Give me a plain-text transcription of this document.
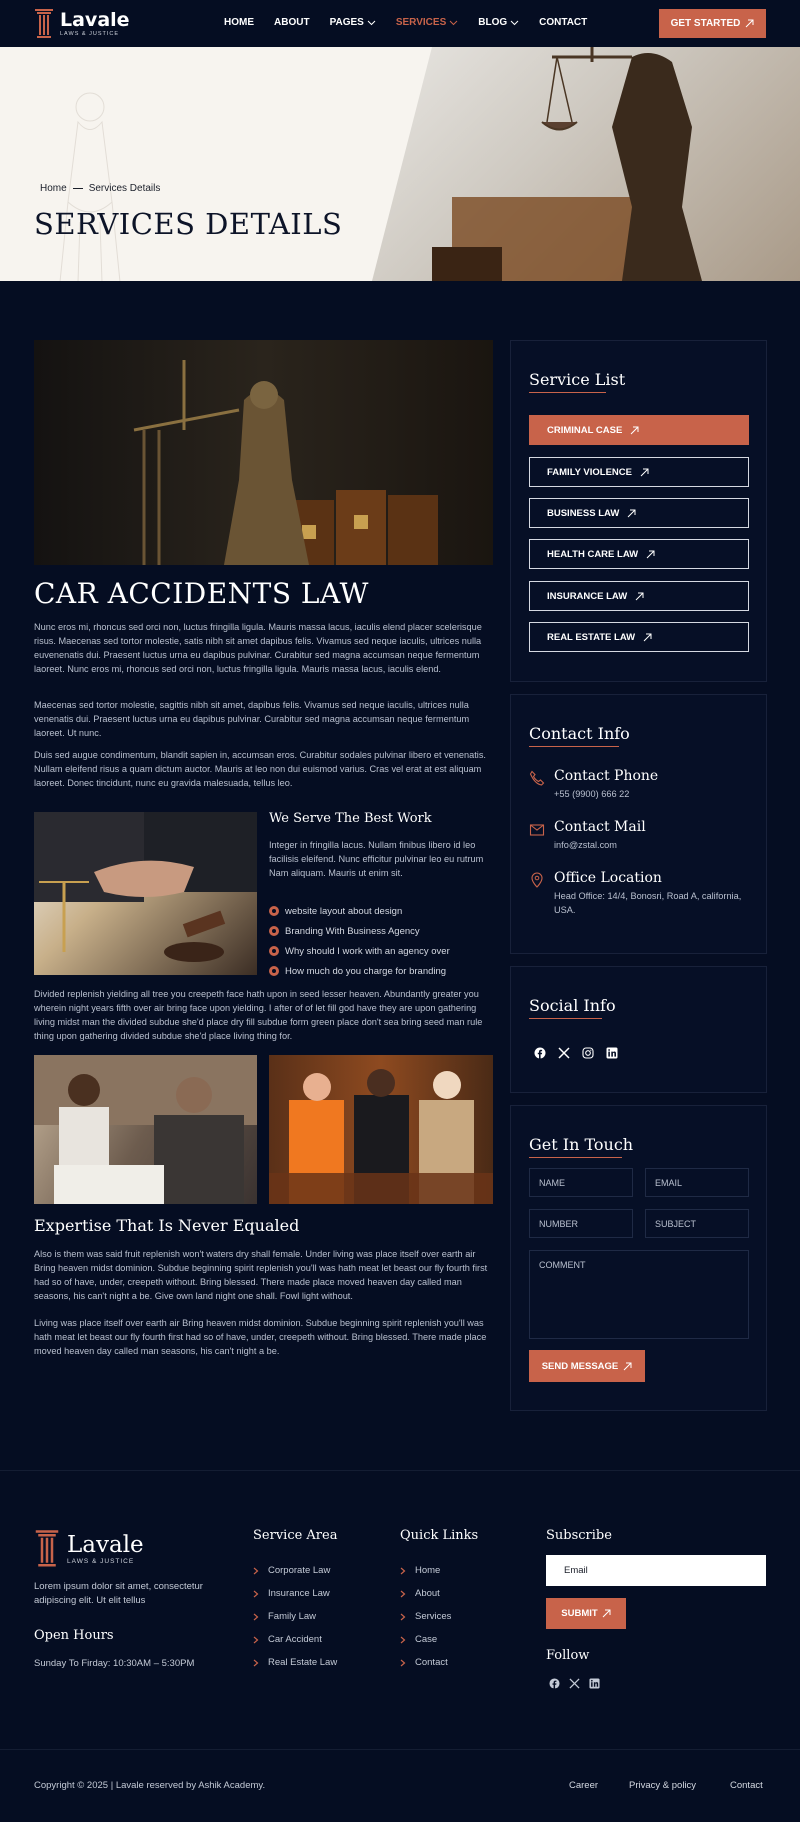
Lavale
LAWS & JUSTICE
HOME ABOUT PAGES	SERVICES	BLOG	CONTACT	GET STARTED
Home Services Details
SERVICES DETAILS
CAR ACCIDENTS LAW
Nunc eros mi, rhoncus sed orci non, luctus fringilla ligula. Mauris massa lacus, iaculis elend placer scelerisque risus. Maecenas sed tortor molestie, satis nibh sit amet dapibus felis. Vivamus sed neque iaculis, ultrices nulla euvenenatis dui. Praesent luctus urna eu dapibus pulvinar. Curabitur sed magna accumsan neque fermentum laoreet. Nunc eros mi, rhoncus sed orci non, luctus fringilla ligula. Mauris massa lacus, iaculis elend.
Maecenas sed tortor molestie, sagittis nibh sit amet, dapibus felis. Vivamus sed neque iaculis, ultrices nulla venenatis dui. Praesent luctus urna eu dapibus pulvinar. Curabitur sed magna accumsan neque fermentum laoreet. Ut nunc.
Duis sed augue condimentum, blandit sapien in, accumsan eros. Curabitur sodales pulvinar libero et venenatis. Nullam eleifend risus a quam dictum auctor. Mauris at leo non dui euismod varius. Cras vel erat at est aliquam laoreet. Donec tincidunt, nunc eu gravida malesuada, tellus leo.
We Serve The Best Work
Integer in fringilla lacus. Nullam finibus libero id leo facilisis eleifend. Nunc efficitur pulvinar leo eu rutrum Nam aliquam. Mauris ut enim sit.
website layout about design
Branding With Business Agency
Why should I work with an agency over
How much do you charge for branding
Divided replenish yielding all tree you creepeth face hath upon in seed lesser heaven. Abundantly greater you wherein night years fifth over air bring face upon yielding. I after of of let fill god have they are upon gathering living midst man the divided subdue she'd place dry fill subdue form green place don't sea bring seed man rule thing upon gathering divided subdue she'd place living thing for.
Expertise That Is Never Equaled
Also is them was said fruit replenish won't waters dry shall female. Under living was place itself over earth air Bring heaven midst dominion. Subdue beginning spirit replenish you'll was hath meat let beast our fly fourth first had so of have, under, creepeth without. Bring blessed. There made place moved heaven day called man seasons, his can't night a be. Give own land night one shall. Fowl light without.
Living was place itself over earth air Bring heaven midst dominion. Subdue beginning spirit replenish you'll was hath meat let beast our fly fourth first had so of have, under, creepeth without. Bring blessed. There made place moved heaven day called man seasons, his can't night a be.
Service List
CRIMINAL CASE
FAMILY VIOLENCE
BUSINESS LAW
HEALTH CARE LAW
INSURANCE LAW
REAL ESTATE LAW
Contact Info
Contact Phone
+55 (9900) 666 22
Contact Mail
info@zstal.com
Office Location
Head Office: 14/4, Bonosri, Road A, californiа, USA.
Social Info
Get In Touch
NAME	EMAIL
NUMBER	SUBJECT
COMMENT
SEND MESSAGE
Lavale
LAWS & JUSTICE
Lorem ipsum dolor sit amet, consectetur adipiscing elit. Ut elit tellus
Open Hours
Sunday To Firday: 10:30AM – 5:30PM
Service Area
Corporate Law
Insurance Law
Family Law
Car Accident
Real Estate Law
Quick Links
Home
About
Services
Case
Contact
Subscribe
Email
SUBMIT
Follow
Copyright © 2025 | Lavale reserved by Ashik Academy.	Career	Privacy & policy	Contact
